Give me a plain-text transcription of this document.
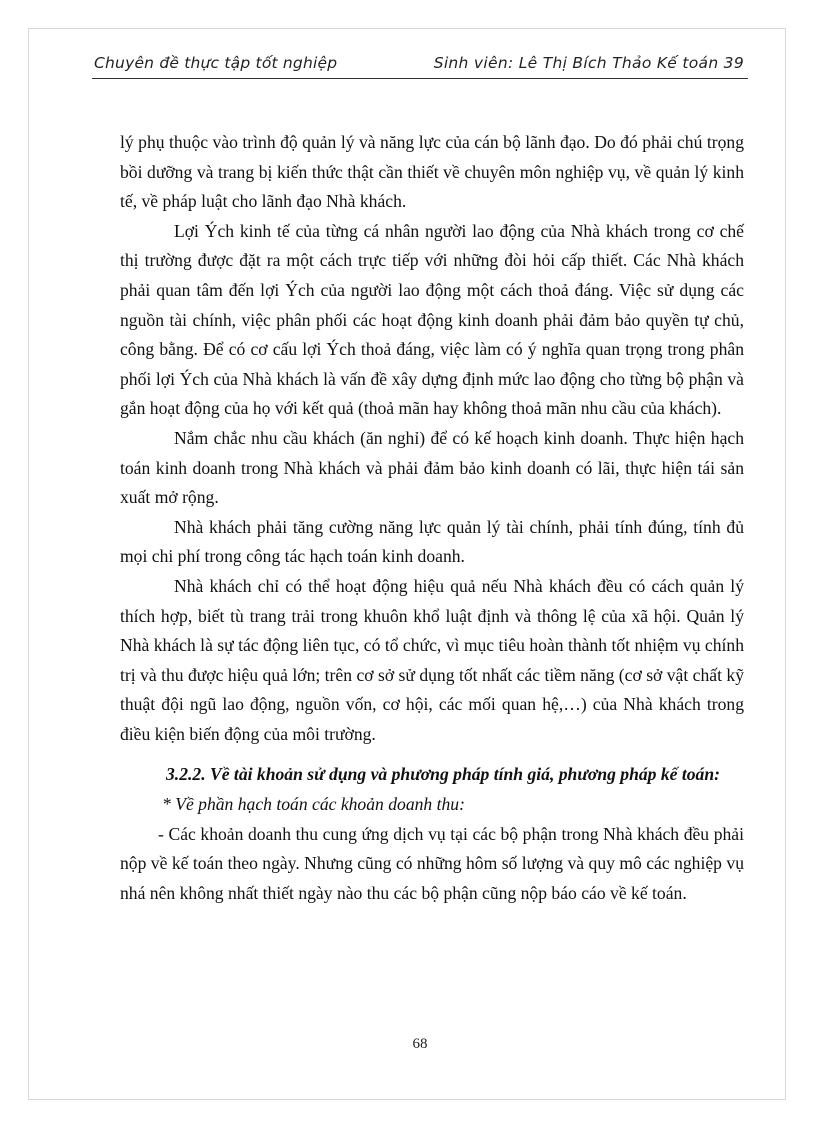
Chuyên đề thực tập tốt nghiệp	Sinh viên: Lê Thị Bích Thảo Kế toán 39

lý phụ thuộc vào trình độ quản lý và năng lực của cán bộ lãnh đạo. Do đó phải chú trọng bồi dưỡng và trang bị kiến thức thật cần thiết về chuyên môn nghiệp vụ, về quản lý kinh tế, về pháp luật cho lãnh đạo Nhà khách.

Lợi Ých kinh tế của từng cá nhân người lao động của Nhà khách trong cơ chế thị trường được đặt ra một cách trực tiếp với những đòi hỏi cấp thiết. Các Nhà khách phải quan tâm đến lợi Ých của người lao động một cách thoả đáng. Việc sử dụng các nguồn tài chính, việc phân phối các hoạt động kinh doanh phải đảm bảo quyền tự chủ, công bằng. Để có cơ cấu lợi Ých thoả đáng, việc làm có ý nghĩa quan trọng trong phân phối lợi Ých của Nhà khách là vấn đề xây dựng định mức lao động cho từng bộ phận và gắn hoạt động của họ với kết quả (thoả mãn hay không thoả mãn nhu cầu của khách).

Nắm chắc nhu cầu khách (ăn nghỉ) để có kế hoạch kinh doanh. Thực hiện hạch toán kinh doanh trong Nhà khách và phải đảm bảo kinh doanh có lãi, thực hiện tái sản xuất mở rộng.

Nhà khách phải tăng cường năng lực quản lý tài chính, phải tính đúng, tính đủ mọi chi phí trong công tác hạch toán kinh doanh.

Nhà khách chỉ có thể hoạt động hiệu quả nếu Nhà khách đều có cách quản lý thích hợp, biết tù trang trải trong khuôn khổ luật định và thông lệ của xã hội. Quản lý Nhà khách là sự tác động liên tục, có tổ chức, vì mục tiêu hoàn thành tốt nhiệm vụ chính trị và thu được hiệu quả lớn; trên cơ sở sử dụng tốt nhất các tiềm năng (cơ sở vật chất kỹ thuật đội ngũ lao động, nguồn vốn, cơ hội, các mối quan hệ,…) của Nhà khách trong điều kiện biến động của môi trường.

3.2.2. Về tài khoản sử dụng và phương pháp tính giá, phương pháp kế toán:

* Về phần hạch toán các khoản doanh thu:

- Các khoản doanh thu cung ứng dịch vụ tại các bộ phận trong Nhà khách đều phải nộp về kế toán theo ngày. Nhưng cũng có những hôm số lượng và quy mô các nghiệp vụ nhá nên không nhất thiết ngày nào thu các bộ phận cũng nộp báo cáo về kế toán.

68
